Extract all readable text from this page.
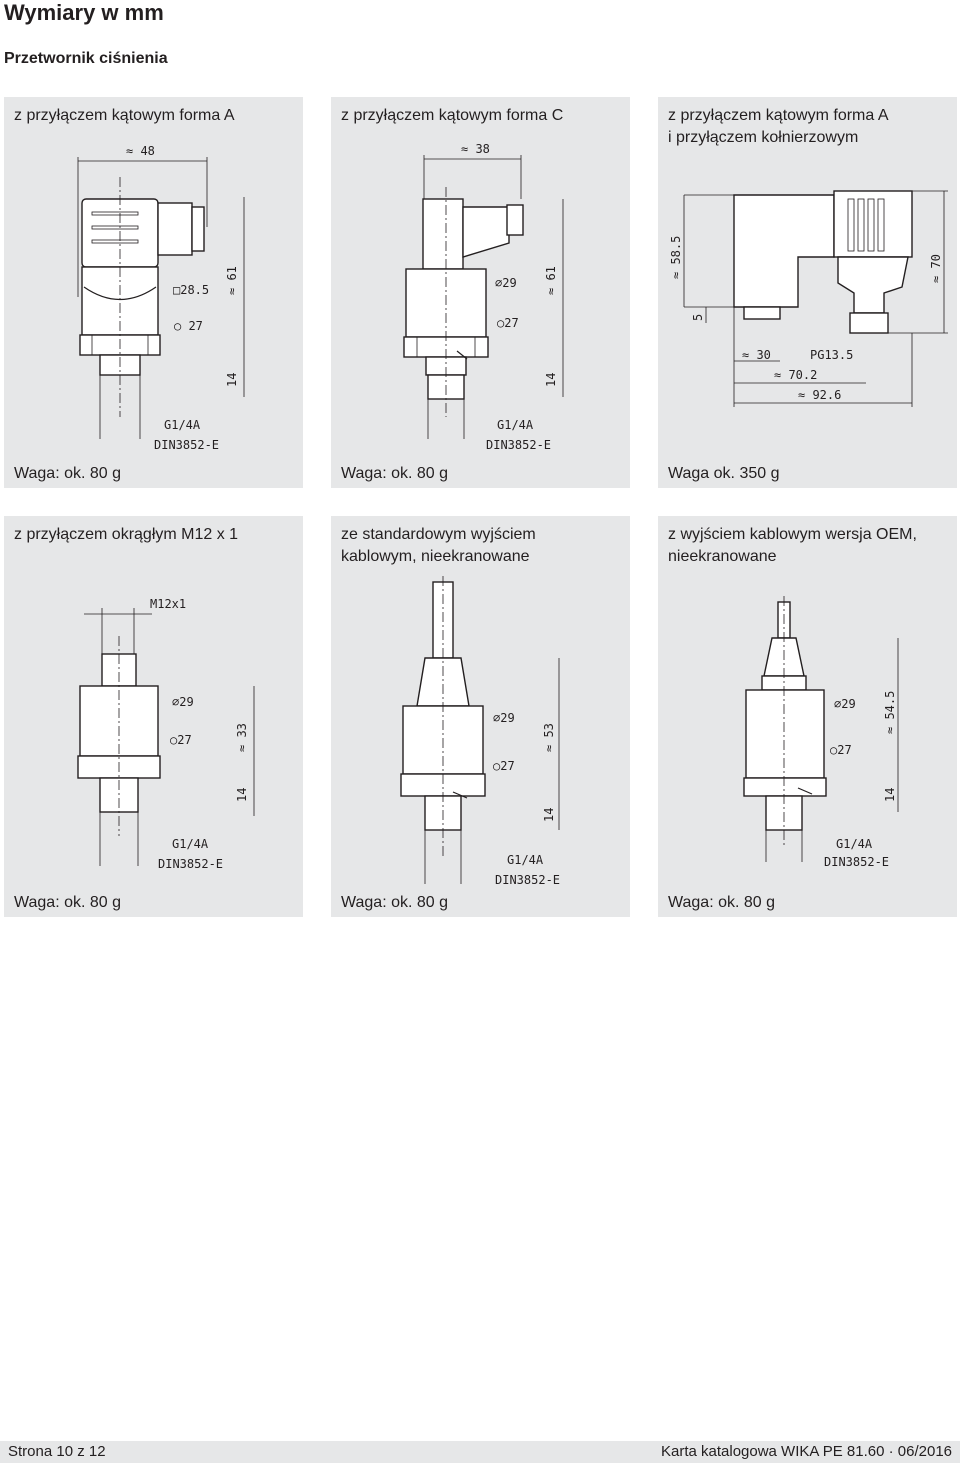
Wymiary w mm
Przetwornik ciśnienia
z przyłączem kątowym forma A
≈ 48
□28.5 ≈ 61
○ 27
14
G1/4A
DIN3852-E
Waga: ok. 80 g
z przyłączem kątowym forma C
≈ 38
⌀29 ≈ 61
○27
14
G1/4A
DIN3852-E
Waga: ok. 80 g
z przyłączem kątowym forma A
i przyłączem kołnierzowym
≈ 58.5	≈ 70
5
≈ 30	PG13.5
≈ 70.2
≈ 92.6
Waga ok. 350 g
z przyłączem okrągłym M12 x 1
M12x1
⌀29
○27	≈ 33
14
G1/4A
DIN3852-E
Waga: ok. 80 g
ze standardowym wyjściem
kablowym, nieekranowane
⌀29
○27
≈ 53
14
G1/4A
DIN3852-E
Waga: ok. 80 g
z wyjściem kablowym wersja OEM,
nieekranowane
⌀29
○27
≈ 54.5
14
G1/4A
DIN3852-E
Waga: ok. 80 g
Strona 10 z 12	Karta katalogowa WIKA PE 81.60 · 06/2016
